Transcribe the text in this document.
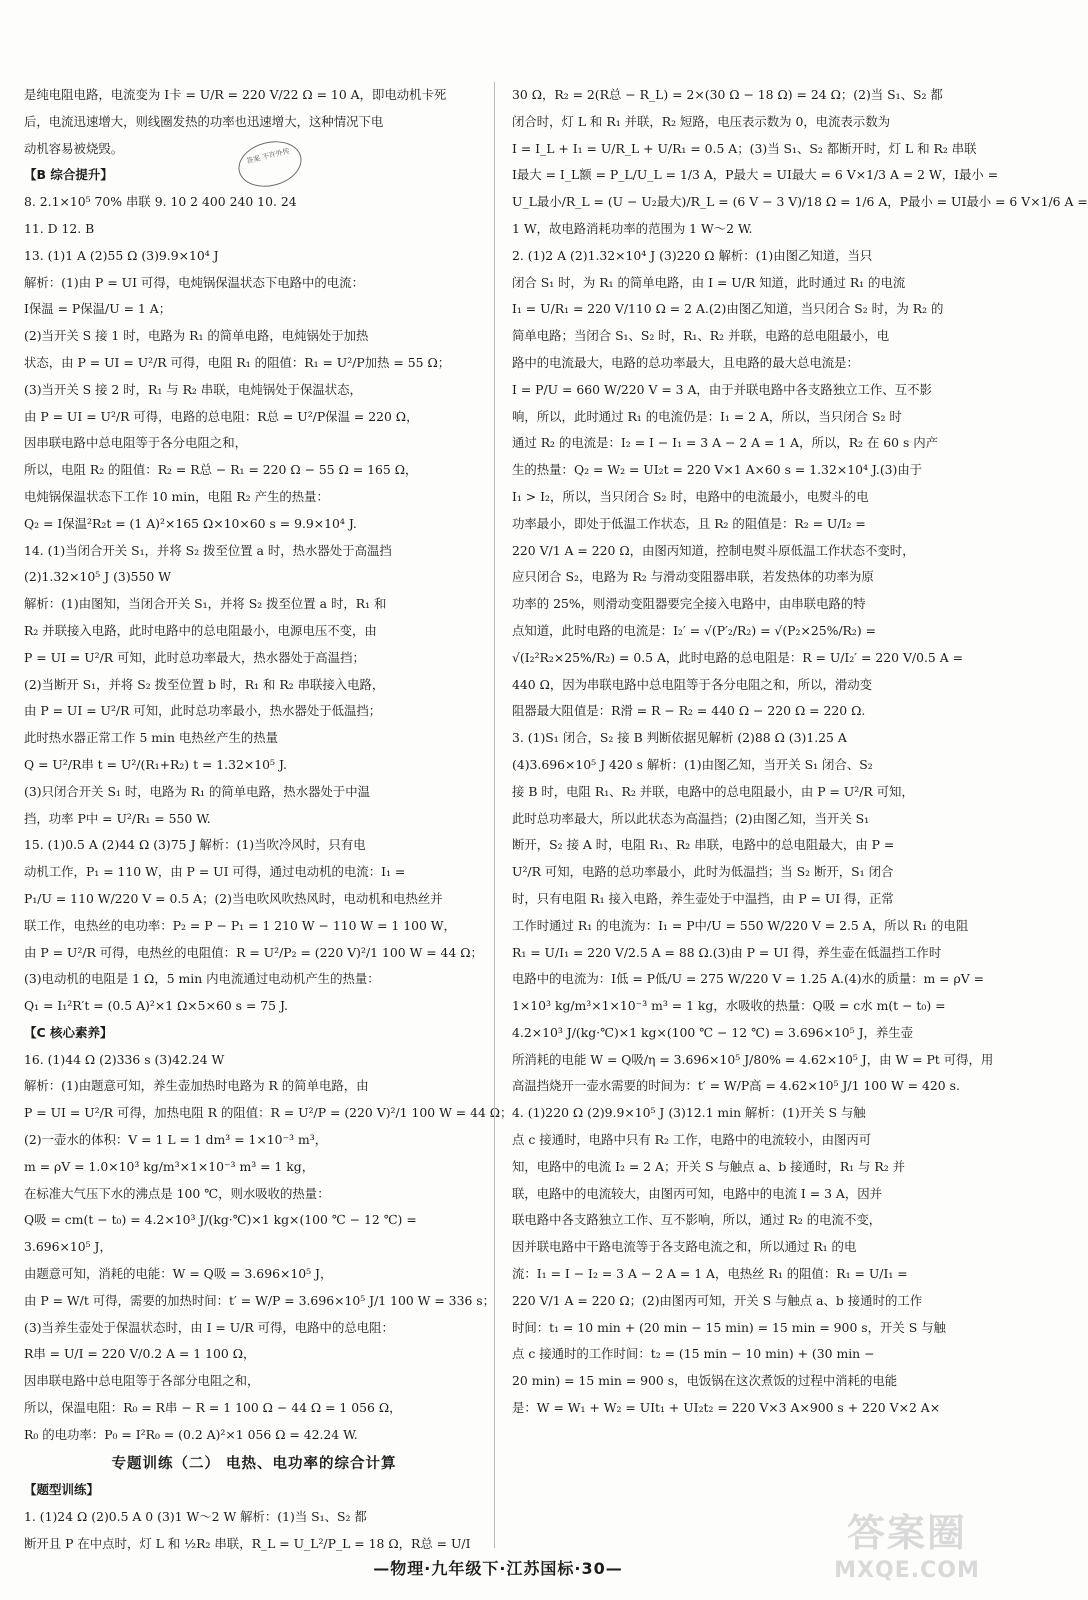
是纯电阻电路，电流变为 I卡 = U/R = 220 V/22 Ω = 10 A，即电动机卡死
后，电流迅速增大，则线圈发热的功率也迅速增大，这种情况下电
动机容易被烧毁。
【B 综合提升】
8. 2.1×10⁵ 70% 串联 9. 10 2 400 240 10. 24
11. D 12. B
13. (1)1 A (2)55 Ω (3)9.9×10⁴ J
解析：(1)由 P = UI 可得，电炖锅保温状态下电路中的电流：
I保温 = P保温/U = 1 A；
(2)当开关 S 接 1 时，电路为 R₁ 的简单电路，电炖锅处于加热
状态，由 P = UI = U²/R 可得，电阻 R₁ 的阻值：R₁ = U²/P加热 = 55 Ω；
(3)当开关 S 接 2 时，R₁ 与 R₂ 串联，电炖锅处于保温状态，
由 P = UI = U²/R 可得，电路的总电阻：R总 = U²/P保温 = 220 Ω，
因串联电路中总电阻等于各分电阻之和，
所以，电阻 R₂ 的阻值：R₂ = R总 − R₁ = 220 Ω − 55 Ω = 165 Ω，
电炖锅保温状态下工作 10 min，电阻 R₂ 产生的热量：
Q₂ = I保温²R₂t = (1 A)²×165 Ω×10×60 s = 9.9×10⁴ J.
14. (1)当闭合开关 S₁，并将 S₂ 拨至位置 a 时，热水器处于高温挡
(2)1.32×10⁵ J (3)550 W
解析：(1)由图知，当闭合开关 S₁，并将 S₂ 拨至位置 a 时，R₁ 和
R₂ 并联接入电路，此时电路中的总电阻最小，电源电压不变，由
P = UI = U²/R 可知，此时总功率最大，热水器处于高温挡；
(2)当断开 S₁，并将 S₂ 拨至位置 b 时，R₁ 和 R₂ 串联接入电路，
由 P = UI = U²/R 可知，此时总功率最小，热水器处于低温挡；
此时热水器正常工作 5 min 电热丝产生的热量
Q = U²/R串 t = U²/(R₁+R₂) t = 1.32×10⁵ J.
(3)只闭合开关 S₁ 时，电路为 R₁ 的简单电路，热水器处于中温
挡，功率 P中 = U²/R₁ = 550 W.
15. (1)0.5 A (2)44 Ω (3)75 J 解析：(1)当吹冷风时，只有电
动机工作，P₁ = 110 W，由 P = UI 可得，通过电动机的电流：I₁ =
P₁/U = 110 W/220 V = 0.5 A；(2)当电吹风吹热风时，电动机和电热丝并
联工作，电热丝的电功率：P₂ = P − P₁ = 1 210 W − 110 W = 1 100 W，
由 P = U²/R 可得，电热丝的电阻值：R = U²/P₂ = (220 V)²/1 100 W = 44 Ω；
(3)电动机的电阻是 1 Ω，5 min 内电流通过电动机产生的热量：
Q₁ = I₁²R′t = (0.5 A)²×1 Ω×5×60 s = 75 J.
【C 核心素养】
16. (1)44 Ω (2)336 s (3)42.24 W
解析：(1)由题意可知，养生壶加热时电路为 R 的简单电路，由
P = UI = U²/R 可得，加热电阻 R 的阻值：R = U²/P = (220 V)²/1 100 W = 44 Ω；
(2)一壶水的体积：V = 1 L = 1 dm³ = 1×10⁻³ m³，
m = ρV = 1.0×10³ kg/m³×1×10⁻³ m³ = 1 kg，
在标准大气压下水的沸点是 100 ℃，则水吸收的热量：
Q吸 = cm(t − t₀) = 4.2×10³ J/(kg·℃)×1 kg×(100 ℃ − 12 ℃) =
3.696×10⁵ J，
由题意可知，消耗的电能：W = Q吸 = 3.696×10⁵ J，
由 P = W/t 可得，需要的加热时间：t′ = W/P = 3.696×10⁵ J/1 100 W = 336 s；
(3)当养生壶处于保温状态时，由 I = U/R 可得，电路中的总电阻：
R串 = U/I = 220 V/0.2 A = 1 100 Ω，
因串联电路中总电阻等于各部分电阻之和，
所以，保温电阻：R₀ = R串 − R = 1 100 Ω − 44 Ω = 1 056 Ω，
R₀ 的电功率：P₀ = I²R₀ = (0.2 A)²×1 056 Ω = 42.24 W.
专题训练（二） 电热、电功率的综合计算
【题型训练】
1. (1)24 Ω (2)0.5 A 0 (3)1 W～2 W 解析：(1)当 S₁、S₂ 都
断开且 P 在中点时，灯 L 和 ½R₂ 串联，R_L = U_L²/P_L = 18 Ω，R总 = U/I
30 Ω，R₂ = 2(R总 − R_L) = 2×(30 Ω − 18 Ω) = 24 Ω；(2)当 S₁、S₂ 都
闭合时，灯 L 和 R₁ 并联，R₂ 短路，电压表示数为 0，电流表示数为
I = I_L + I₁ = U/R_L + U/R₁ = 0.5 A；(3)当 S₁、S₂ 都断开时，灯 L 和 R₂ 串联
I最大 = I_L额 = P_L/U_L = 1/3 A，P最大 = UI最大 = 6 V×1/3 A = 2 W，I最小 =
U_L最小/R_L = (U − U₂最大)/R_L = (6 V − 3 V)/18 Ω = 1/6 A，P最小 = UI最小 = 6 V×1/6 A =
1 W，故电路消耗功率的范围为 1 W～2 W.
2. (1)2 A (2)1.32×10⁴ J (3)220 Ω 解析：(1)由图乙知道，当只
闭合 S₁ 时，为 R₁ 的简单电路，由 I = U/R 知道，此时通过 R₁ 的电流
I₁ = U/R₁ = 220 V/110 Ω = 2 A.(2)由图乙知道，当只闭合 S₂ 时，为 R₂ 的
简单电路；当闭合 S₁、S₂ 时，R₁、R₂ 并联，电路的总电阻最小，电
路中的电流最大，电路的总功率最大，且电路的最大总电流是：
I = P/U = 660 W/220 V = 3 A，由于并联电路中各支路独立工作、互不影
响，所以，此时通过 R₁ 的电流仍是：I₁ = 2 A，所以，当只闭合 S₂ 时
通过 R₂ 的电流是：I₂ = I − I₁ = 3 A − 2 A = 1 A，所以，R₂ 在 60 s 内产
生的热量：Q₂ = W₂ = UI₂t = 220 V×1 A×60 s = 1.32×10⁴ J.(3)由于
I₁ > I₂，所以，当只闭合 S₂ 时，电路中的电流最小，电熨斗的电
功率最小，即处于低温工作状态，且 R₂ 的阻值是：R₂ = U/I₂ =
220 V/1 A = 220 Ω，由图丙知道，控制电熨斗原低温工作状态不变时，
应只闭合 S₂，电路为 R₂ 与滑动变阻器串联，若发热体的功率为原
功率的 25%，则滑动变阻器要完全接入电路中，由串联电路的特
点知道，此时电路的电流是：I₂′ = √(P′₂/R₂) = √(P₂×25%/R₂) =
√(I₂²R₂×25%/R₂) = 0.5 A，此时电路的总电阻是：R = U/I₂′ = 220 V/0.5 A =
440 Ω，因为串联电路中总电阻等于各分电阻之和，所以，滑动变
阻器最大阻值是：R滑 = R − R₂ = 440 Ω − 220 Ω = 220 Ω.
3. (1)S₁ 闭合，S₂ 接 B 判断依据见解析 (2)88 Ω (3)1.25 A
(4)3.696×10⁵ J 420 s 解析：(1)由图乙知，当开关 S₁ 闭合、S₂
接 B 时，电阻 R₁、R₂ 并联，电路中的总电阻最小，由 P = U²/R 可知，
此时总功率最大，所以此状态为高温挡；(2)由图乙知，当开关 S₁
断开，S₂ 接 A 时，电阻 R₁、R₂ 串联，电路中的总电阻最大，由 P =
U²/R 可知，电路的总功率最小，此时为低温挡；当 S₂ 断开，S₁ 闭合
时，只有电阻 R₁ 接入电路，养生壶处于中温挡，由 P = UI 得，正常
工作时通过 R₁ 的电流为：I₁ = P中/U = 550 W/220 V = 2.5 A，所以 R₁ 的电阻
R₁ = U/I₁ = 220 V/2.5 A = 88 Ω.(3)由 P = UI 得，养生壶在低温挡工作时
电路中的电流为：I低 = P低/U = 275 W/220 V = 1.25 A.(4)水的质量：m = ρV =
1×10³ kg/m³×1×10⁻³ m³ = 1 kg，水吸收的热量：Q吸 = c水 m(t − t₀) =
4.2×10³ J/(kg·℃)×1 kg×(100 ℃ − 12 ℃) = 3.696×10⁵ J，养生壶
所消耗的电能 W = Q吸/η = 3.696×10⁵ J/80% = 4.62×10⁵ J，由 W = Pt 可得，用
高温挡烧开一壶水需要的时间为：t′ = W/P高 = 4.62×10⁵ J/1 100 W = 420 s.
4. (1)220 Ω (2)9.9×10⁵ J (3)12.1 min 解析：(1)开关 S 与触
点 c 接通时，电路中只有 R₂ 工作，电路中的电流较小，由图丙可
知，电路中的电流 I₂ = 2 A；开关 S 与触点 a、b 接通时，R₁ 与 R₂ 并
联，电路中的电流较大，由图丙可知，电路中的电流 I = 3 A，因并
联电路中各支路独立工作、互不影响，所以，通过 R₂ 的电流不变，
因并联电路中干路电流等于各支路电流之和，所以通过 R₁ 的电
流：I₁ = I − I₂ = 3 A − 2 A = 1 A，电热丝 R₁ 的阻值：R₁ = U/I₁ =
220 V/1 A = 220 Ω；(2)由图丙可知，开关 S 与触点 a、b 接通时的工作
时间：t₁ = 10 min + (20 min − 15 min) = 15 min = 900 s，开关 S 与触
点 c 接通时的工作时间：t₂ = (15 min − 10 min) + (30 min −
20 min) = 15 min = 900 s，电饭锅在这次煮饭的过程中消耗的电能
是：W = W₁ + W₂ = UIt₁ + UI₂t₂ = 220 V×3 A×900 s + 220 V×2 A×
答案 不许外传
—物理·九年级下·江苏国标·30—
答案圈
MXQE.COM
